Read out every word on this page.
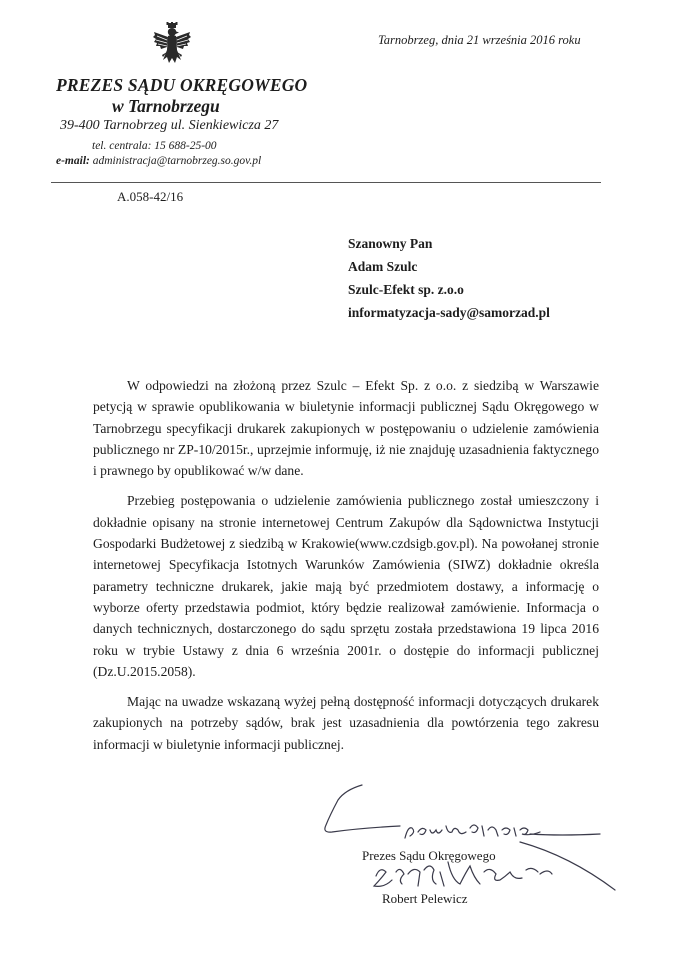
Tarnobrzeg, dnia 21 września 2016 roku
PREZES SĄDU OKRĘGOWEGO
w Tarnobrzegu
39-400 Tarnobrzeg ul. Sienkiewicza 27
tel. centrala: 15 688-25-00
e-mail: administracja@tarnobrzeg.so.gov.pl
A.058-42/16
Szanowny Pan
Adam Szulc
Szulc-Efekt sp. z.o.o
informatyzacja-sady@samorzad.pl

W odpowiedzi na złożoną przez Szulc – Efekt Sp. z o.o. z siedzibą w Warszawie petycją w sprawie opublikowania w biuletynie informacji publicznej Sądu Okręgowego w Tarnobrzegu specyfikacji drukarek zakupionych w postępowaniu o udzielenie zamówienia publicznego nr ZP-10/2015r., uprzejmie informuję, iż nie znajduję uzasadnienia faktycznego i prawnego by opublikować w/w dane.

Przebieg postępowania o udzielenie zamówienia publicznego został umieszczony i dokładnie opisany na stronie internetowej Centrum Zakupów dla Sądownictwa Instytucji Gospodarki Budżetowej z siedzibą w Krakowie(www.czdsigb.gov.pl). Na powołanej stronie internetowej Specyfikacja Istotnych Warunków Zamówienia (SIWZ) dokładnie określa parametry techniczne drukarek, jakie mają być przedmiotem dostawy, a informację o wyborze oferty przedstawia podmiot, który będzie realizował zamówienie. Informacja o danych technicznych, dostarczonego do sądu sprzętu została przedstawiona 19 lipca 2016 roku w trybie Ustawy z dnia 6 września 2001r. o dostępie do informacji publicznej (Dz.U.2015.2058).

Mając na uwadze wskazaną wyżej pełną dostępność informacji dotyczących drukarek zakupionych na potrzeby sądów, brak jest uzasadnienia dla powtórzenia tego zakresu informacji w biuletynie informacji publicznej.

Prezes Sądu Okręgowego
Robert Pelewicz
